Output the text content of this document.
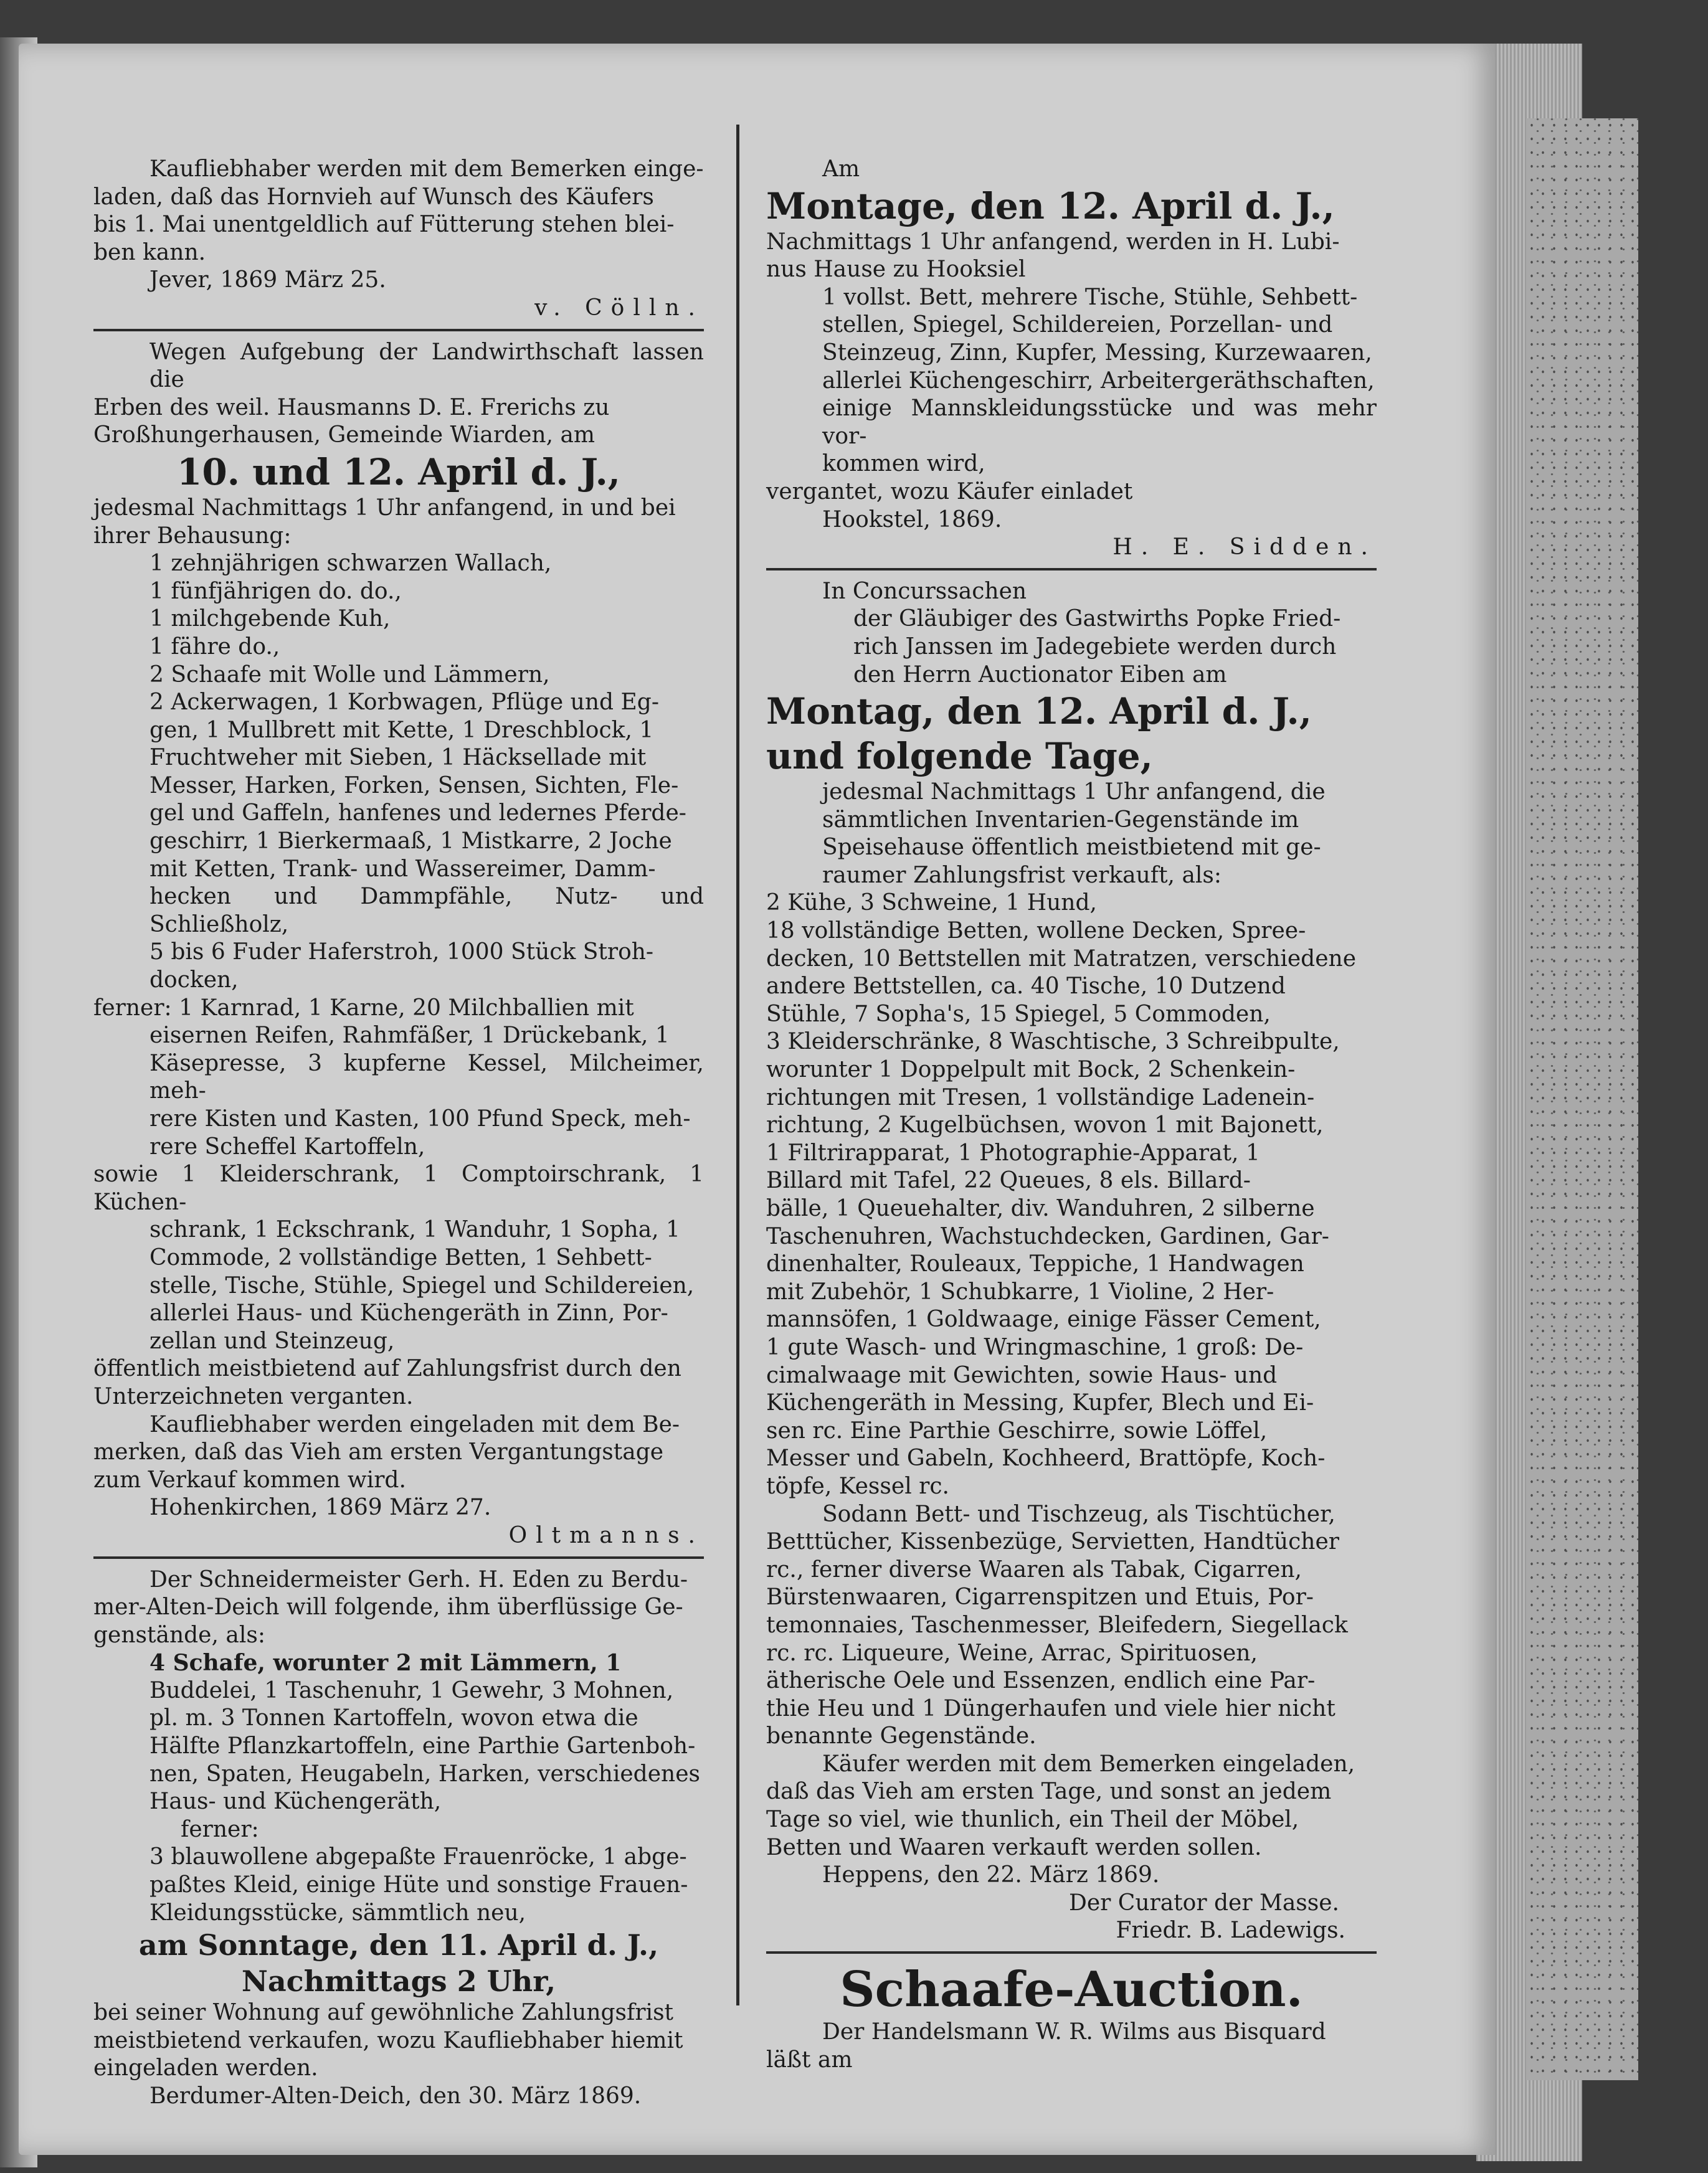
Kaufliebhaber werden mit dem Bemerken einge-

laden, daß das Hornvieh auf Wunsch des Käufers

bis 1. Mai unentgeldlich auf Fütterung stehen blei-

ben kann.

Jever, 1869 März 25.

v. Cölln.

Wegen Aufgebung der Landwirthschaft lassen die

Erben des weil. Hausmanns D. E. Frerichs zu

Großhungerhausen, Gemeinde Wiarden, am

10. und 12. April d. J.,

jedesmal Nachmittags 1 Uhr anfangend, in und bei

ihrer Behausung:

1 zehnjährigen schwarzen Wallach,

1 fünfjährigen do. do.,

1 milchgebende Kuh,

1 fähre do.,

2 Schaafe mit Wolle und Lämmern,

2 Ackerwagen, 1 Korbwagen, Pflüge und Eg-

gen, 1 Mullbrett mit Kette, 1 Dreschblock, 1

Fruchtweher mit Sieben, 1 Häcksellade mit

Messer, Harken, Forken, Sensen, Sichten, Fle-

gel und Gaffeln, hanfenes und ledernes Pferde-

geschirr, 1 Bierkermaaß, 1 Mistkarre, 2 Joche

mit Ketten, Trank- und Wassereimer, Damm-

hecken und Dammpfähle, Nutz- und Schließholz,

5 bis 6 Fuder Haferstroh, 1000 Stück Stroh-

docken,

ferner: 1 Karnrad, 1 Karne, 20 Milchballien mit

eisernen Reifen, Rahmfäßer, 1 Drückebank, 1

Käsepresse, 3 kupferne Kessel, Milcheimer, meh-

rere Kisten und Kasten, 100 Pfund Speck, meh-

rere Scheffel Kartoffeln,

sowie 1 Kleiderschrank, 1 Comptoirschrank, 1 Küchen-

schrank, 1 Eckschrank, 1 Wanduhr, 1 Sopha, 1

Commode, 2 vollständige Betten, 1 Sehbett-

stelle, Tische, Stühle, Spiegel und Schildereien,

allerlei Haus- und Küchengeräth in Zinn, Por-

zellan und Steinzeug,

öffentlich meistbietend auf Zahlungsfrist durch den

Unterzeichneten verganten.

Kaufliebhaber werden eingeladen mit dem Be-

merken, daß das Vieh am ersten Vergantungstage

zum Verkauf kommen wird.

Hohenkirchen, 1869 März 27.

Oltmanns.

Der Schneidermeister Gerh. H. Eden zu Berdu-

mer-Alten-Deich will folgende, ihm überflüssige Ge-

genstände, als:

4 Schafe, worunter 2 mit Lämmern, 1

Buddelei, 1 Taschenuhr, 1 Gewehr, 3 Mohnen,

pl. m. 3 Tonnen Kartoffeln, wovon etwa die

Hälfte Pflanzkartoffeln, eine Parthie Gartenboh-

nen, Spaten, Heugabeln, Harken, verschiedenes

Haus- und Küchengeräth,

ferner:

3 blauwollene abgepaßte Frauenröcke, 1 abge-

paßtes Kleid, einige Hüte und sonstige Frauen-

Kleidungsstücke, sämmtlich neu,

am Sonntage, den 11. April d. J.,

Nachmittags 2 Uhr,

bei seiner Wohnung auf gewöhnliche Zahlungsfrist

meistbietend verkaufen, wozu Kaufliebhaber hiemit

eingeladen werden.

Berdumer-Alten-Deich, den 30. März 1869.

Am

Montage, den 12. April d. J.,

Nachmittags 1 Uhr anfangend, werden in H. Lubi-

nus Hause zu Hooksiel

1 vollst. Bett, mehrere Tische, Stühle, Sehbett-

stellen, Spiegel, Schildereien, Porzellan- und

Steinzeug, Zinn, Kupfer, Messing, Kurzewaaren,

allerlei Küchengeschirr, Arbeitergeräthschaften,

einige Mannskleidungsstücke und was mehr vor-

kommen wird,

vergantet, wozu Käufer einladet

Hookstel, 1869.

H. E. Sidden.

In Concurssachen

der Gläubiger des Gastwirths Popke Fried-

rich Janssen im Jadegebiete werden durch

den Herrn Auctionator Eiben am

Montag, den 12. April d. J.,

und folgende Tage,

jedesmal Nachmittags 1 Uhr anfangend, die

sämmtlichen Inventarien-Gegenstände im

Speisehause öffentlich meistbietend mit ge-

raumer Zahlungsfrist verkauft, als:

2 Kühe, 3 Schweine, 1 Hund,

18 vollständige Betten, wollene Decken, Spree-

decken, 10 Bettstellen mit Matratzen, verschiedene

andere Bettstellen, ca. 40 Tische, 10 Dutzend

Stühle, 7 Sopha's, 15 Spiegel, 5 Commoden,

3 Kleiderschränke, 8 Waschtische, 3 Schreibpulte,

worunter 1 Doppelpult mit Bock, 2 Schenkein-

richtungen mit Tresen, 1 vollständige Ladenein-

richtung, 2 Kugelbüchsen, wovon 1 mit Bajonett,

1 Filtrirapparat, 1 Photographie-Apparat, 1

Billard mit Tafel, 22 Queues, 8 els. Billard-

bälle, 1 Queuehalter, div. Wanduhren, 2 silberne

Taschenuhren, Wachstuchdecken, Gardinen, Gar-

dinenhalter, Rouleaux, Teppiche, 1 Handwagen

mit Zubehör, 1 Schubkarre, 1 Violine, 2 Her-

mannsöfen, 1 Goldwaage, einige Fässer Cement,

1 gute Wasch- und Wringmaschine, 1 groß: De-

cimalwaage mit Gewichten, sowie Haus- und

Küchengeräth in Messing, Kupfer, Blech und Ei-

sen rc. Eine Parthie Geschirre, sowie Löffel,

Messer und Gabeln, Kochheerd, Brattöpfe, Koch-

töpfe, Kessel rc.

Sodann Bett- und Tischzeug, als Tischtücher,

Betttücher, Kissenbezüge, Servietten, Handtücher

rc., ferner diverse Waaren als Tabak, Cigarren,

Bürstenwaaren, Cigarrenspitzen und Etuis, Por-

temonnaies, Taschenmesser, Bleifedern, Siegellack

rc. rc. Liqueure, Weine, Arrac, Spirituosen,

ätherische Oele und Essenzen, endlich eine Par-

thie Heu und 1 Düngerhaufen und viele hier nicht

benannte Gegenstände.

Käufer werden mit dem Bemerken eingeladen,

daß das Vieh am ersten Tage, und sonst an jedem

Tage so viel, wie thunlich, ein Theil der Möbel,

Betten und Waaren verkauft werden sollen.

Heppens, den 22. März 1869.

Der Curator der Masse.

Friedr. B. Ladewigs.

Schaafe-Auction.

Der Handelsmann W. R. Wilms aus Bisquard

läßt am
